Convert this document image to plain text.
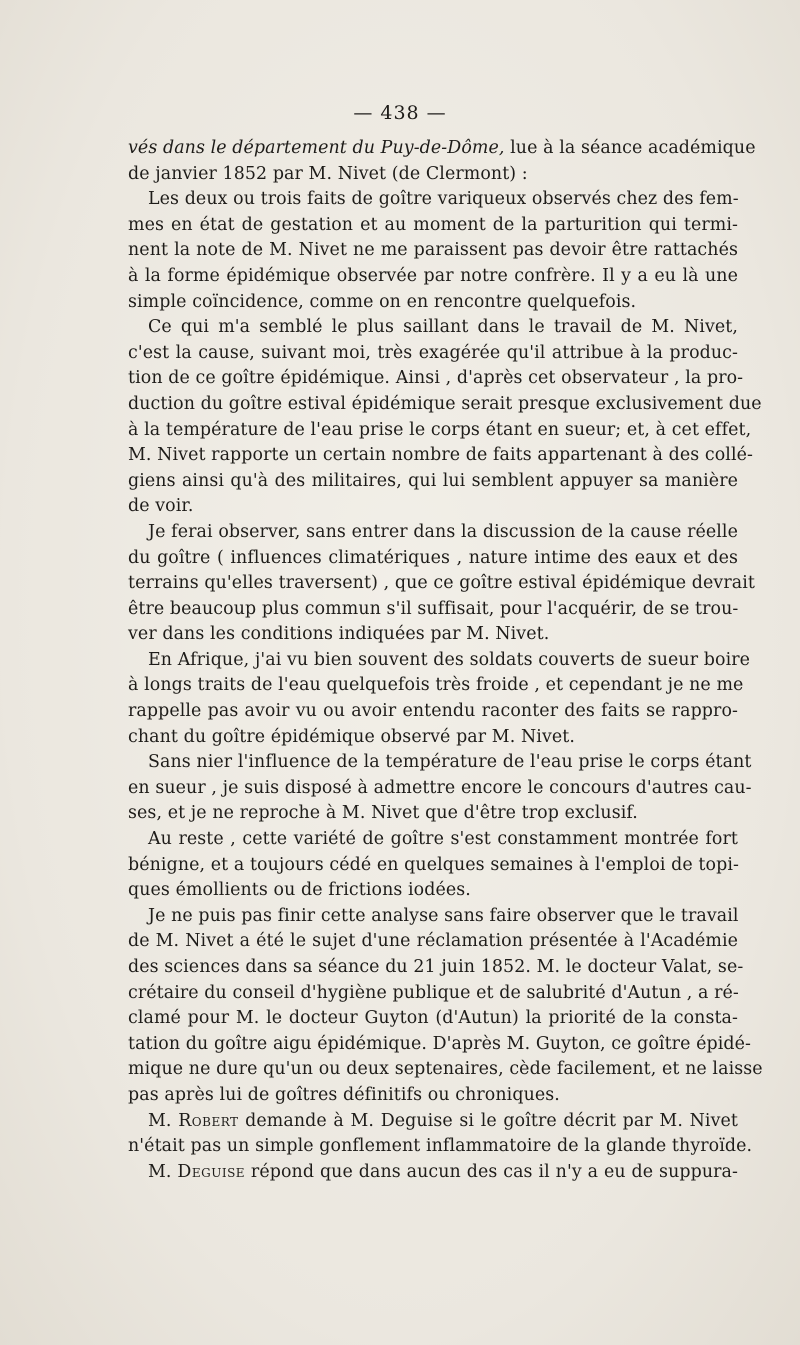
— 438 —
vés dans le département du Puy-de-Dôme, lue à la séance académique
de janvier 1852 par M. Nivet (de Clermont) :
Les deux ou trois faits de goître variqueux observés chez des fem-
mes en état de gestation et au moment de la parturition qui termi-
nent la note de M. Nivet ne me paraissent pas devoir être rattachés
à la forme épidémique observée par notre confrère. Il y a eu là une
simple coïncidence, comme on en rencontre quelquefois.
Ce qui m'a semblé le plus saillant dans le travail de M. Nivet,
c'est la cause, suivant moi, très exagérée qu'il attribue à la produc-
tion de ce goître épidémique. Ainsi , d'après cet observateur , la pro-
duction du goître estival épidémique serait presque exclusivement due
à la température de l'eau prise le corps étant en sueur; et, à cet effet,
M. Nivet rapporte un certain nombre de faits appartenant à des collé-
giens ainsi qu'à des militaires, qui lui semblent appuyer sa manière
de voir.
Je ferai observer, sans entrer dans la discussion de la cause réelle
du goître ( influences climatériques , nature intime des eaux et des
terrains qu'elles traversent) , que ce goître estival épidémique devrait
être beaucoup plus commun s'il suffisait, pour l'acquérir, de se trou-
ver dans les conditions indiquées par M. Nivet.
En Afrique, j'ai vu bien souvent des soldats couverts de sueur boire
à longs traits de l'eau quelquefois très froide , et cependant je ne me
rappelle pas avoir vu ou avoir entendu raconter des faits se rappro-
chant du goître épidémique observé par M. Nivet.
Sans nier l'influence de la température de l'eau prise le corps étant
en sueur , je suis disposé à admettre encore le concours d'autres cau-
ses, et je ne reproche à M. Nivet que d'être trop exclusif.
Au reste , cette variété de goître s'est constamment montrée fort
bénigne, et a toujours cédé en quelques semaines à l'emploi de topi-
ques émollients ou de frictions iodées.
Je ne puis pas finir cette analyse sans faire observer que le travail
de M. Nivet a été le sujet d'une réclamation présentée à l'Académie
des sciences dans sa séance du 21 juin 1852. M. le docteur Valat, se-
crétaire du conseil d'hygiène publique et de salubrité d'Autun , a ré-
clamé pour M. le docteur Guyton (d'Autun) la priorité de la consta-
tation du goître aigu épidémique. D'après M. Guyton, ce goître épidé-
mique ne dure qu'un ou deux septenaires, cède facilement, et ne laisse
pas après lui de goîtres définitifs ou chroniques.
M. Robert demande à M. Deguise si le goître décrit par M. Nivet
n'était pas un simple gonflement inflammatoire de la glande thyroïde.
M. Deguise répond que dans aucun des cas il n'y a eu de suppura-
